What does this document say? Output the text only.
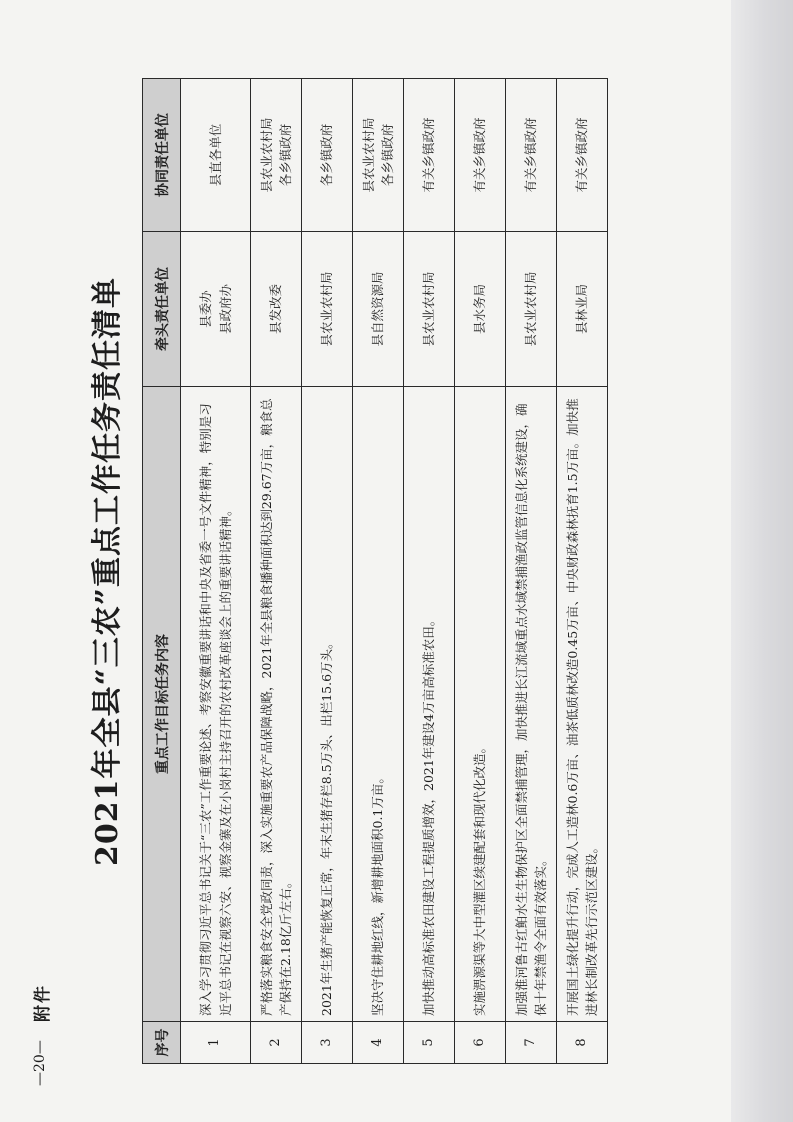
附件
—20—
2021年全县“三农”重点工作任务责任清单
序号	重点工作目标任务内容	牵头责任单位	协同责任单位
1	深入学习贯彻习近平总书记关于“三农”工作重要论述、考察安徽重要讲话和中央及省委一号文件精神，特别是习近平总书记在视察六安、视察金寨及在小岗村主持召开的农村改革座谈会上的重要讲话精神。	县委办 县政府办	县直各单位

2	严格落实粮食安全党政同责，深入实施重要农产品保障战略，2021年全县粮食播种面积达到29.67万亩，粮食总产保持在2.18亿斤左右。	县发改委	县农业农村局 各乡镇政府

3	2021年生猪产能恢复正常，年末生猪存栏8.5万头、出栏15.6万头。	县农业农村局	各乡镇政府

4	坚决守住耕地红线，新增耕地面积0.1万亩。	县自然资源局	县农业农村局 各乡镇政府

5	加快推动高标准农田建设工程提质增效，2021年建设4万亩高标准农田。	县农业农村局	有关乡镇政府

6	实施淠源渠等大中型灌区续建配套和现代化改造。	县水务局	有关乡镇政府

7	加强淮河鲁古红鲌水生生物保护区全面禁捕管理，加快推进长江流域重点水域禁捕渔政监管信息化系统建设，确保十年禁渔令全面有效落实。	县农业农村局	有关乡镇政府

8	开展国土绿化提升行动，完成人工造林0.6万亩、油茶低质林改造0.45万亩、中央财政森林抚育1.5万亩。加快推进林长制改革先行示范区建设。	县林业局	有关乡镇政府
